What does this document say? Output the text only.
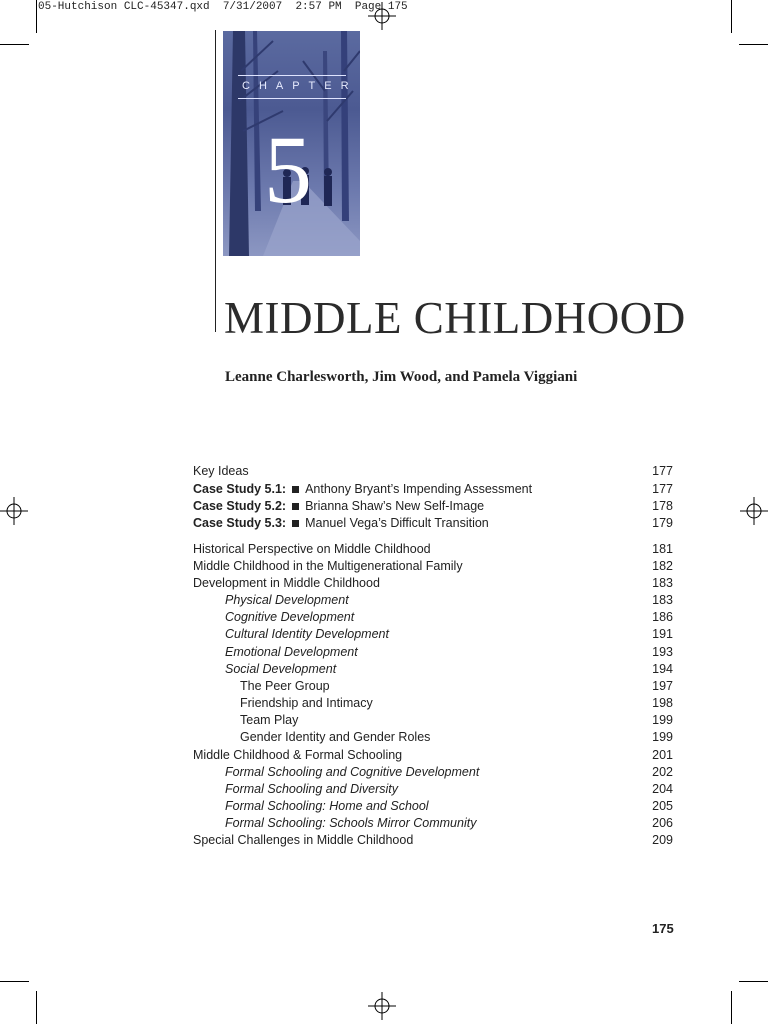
05-Hutchison CLC-45347.qxd  7/31/2007  2:57 PM  Page 175
CHAPTER
5
MIDDLE CHILDHOOD
Leanne Charlesworth, Jim Wood, and Pamela Viggiani
Key Ideas	177
Case Study 5.1: Anthony Bryant’s Impending Assessment	177
Case Study 5.2: Brianna Shaw’s New Self-Image	178
Case Study 5.3: Manuel Vega’s Difficult Transition	179
Historical Perspective on Middle Childhood	181
Middle Childhood in the Multigenerational Family	182
Development in Middle Childhood	183
Physical Development	183
Cognitive Development	186
Cultural Identity Development	191
Emotional Development	193
Social Development	194
The Peer Group	197
Friendship and Intimacy	198
Team Play	199
Gender Identity and Gender Roles	199
Middle Childhood & Formal Schooling	201
Formal Schooling and Cognitive Development	202
Formal Schooling and Diversity	204
Formal Schooling: Home and School	205
Formal Schooling: Schools Mirror Community	206
Special Challenges in Middle Childhood	209
175
